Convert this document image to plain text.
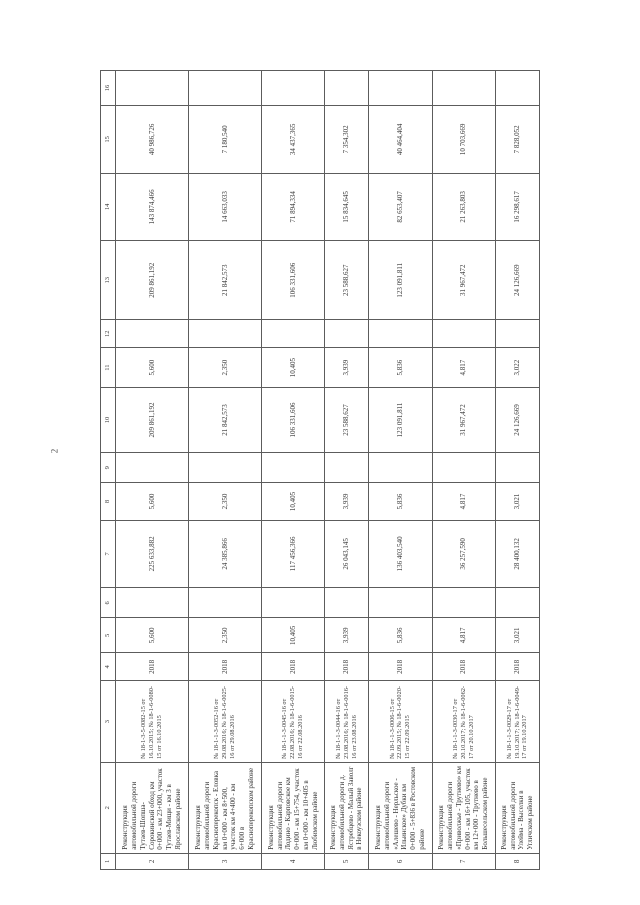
2
1	2	3	4	5	6	7	8	9	10	11	12	13	14	15	16
2	Реконструкция автомобильной дороги Тутаев-Шопша-Сорокинский обход км 0+000 - км 23+000, участок Тутаев-Мищи - км 3 в Ярославском районе	№ 18-1-3-5-0082-15 от 16.10.2015; № 18-1-6-0080-15 от 16.10.2015	2018	5,600		225 633,882	5,600		209 861,192	5,600		209 861,192	143 874,466	40 986,726	
3	Реконструкция автомобильной дороги Красноперекопск - Еловка км 0+000 - км 8+500, участок км 4+400 - км 6+000 в Красноперекопском районе	№ 18-1-1-3-0052-16 от 29.08.2016; № 18-1-6-0025-16 от 29.08.2016	2018	2,350		24 385,866	2,350		21 842,573	2,350		21 842,573	14 663,033	7 180,540	
4	Реконструкция автомобильной дороги Лодино - Карповское км 0+000 - км 15+754, участок км 0+000 - км 10+405 в Любимском районе	№ 18-1-1-3-0045-16 от 22.08.2016; № 18-1-6-0015-16 от 22.08.2016	2018	10,405		117 456,366	10,405		106 331,606	10,405		106 331,606	71 894,334	34 437,365	
5	Реконструкция автомобильной дороги д. Ястребцево - Малый Заволг в Некоузском районе	№ 18-1-1-3-0044-16 от 23.08.2016; № 18-1-6-0016-16 от 23.08.2016	2018	3,939		26 043,145	3,939		23 588,627	3,939		23 588,627	15 834,645	7 354,302	
6	Реконструкция автомобильной дороги «Алешево - Нерльское - Ильинское» Дубки км 0+000 - 5+836 в Ростовском районе	№ 18-1-1-3-0006-15 от 22.09.2015; № 18-1-6-0020-15 от 22.09.2015	2018	5,836		136 403,540	5,836		123 091,811	5,836		123 091,811	82 653,407	40 464,404	
7	Реконструкция автомобильной дороги «Приволжье - Трутнево» км 0+000 - км 16+105, участок км 12+000 - Трутнево в Большесельском районе	№ 18-1-1-3-0030-17 от 20.10.2017; № 18-1-6-0062-17 от 20.10.2017	2018	4,817		36 257,590	4,817		31 967,472	4,817		31 967,472	21 263,803	10 703,669	
8	Реконструкция автомобильной дороги Улейма - Выселки в Угличском районе	№ 18-1-1-3-0029-17 от 19.10.2017; № 18-1-6-0049-17 от 19.10.2017	2018	3,021		28 400,132	3,021		24 126,669	3,022		24 126,669	16 298,617	7 828,052	
